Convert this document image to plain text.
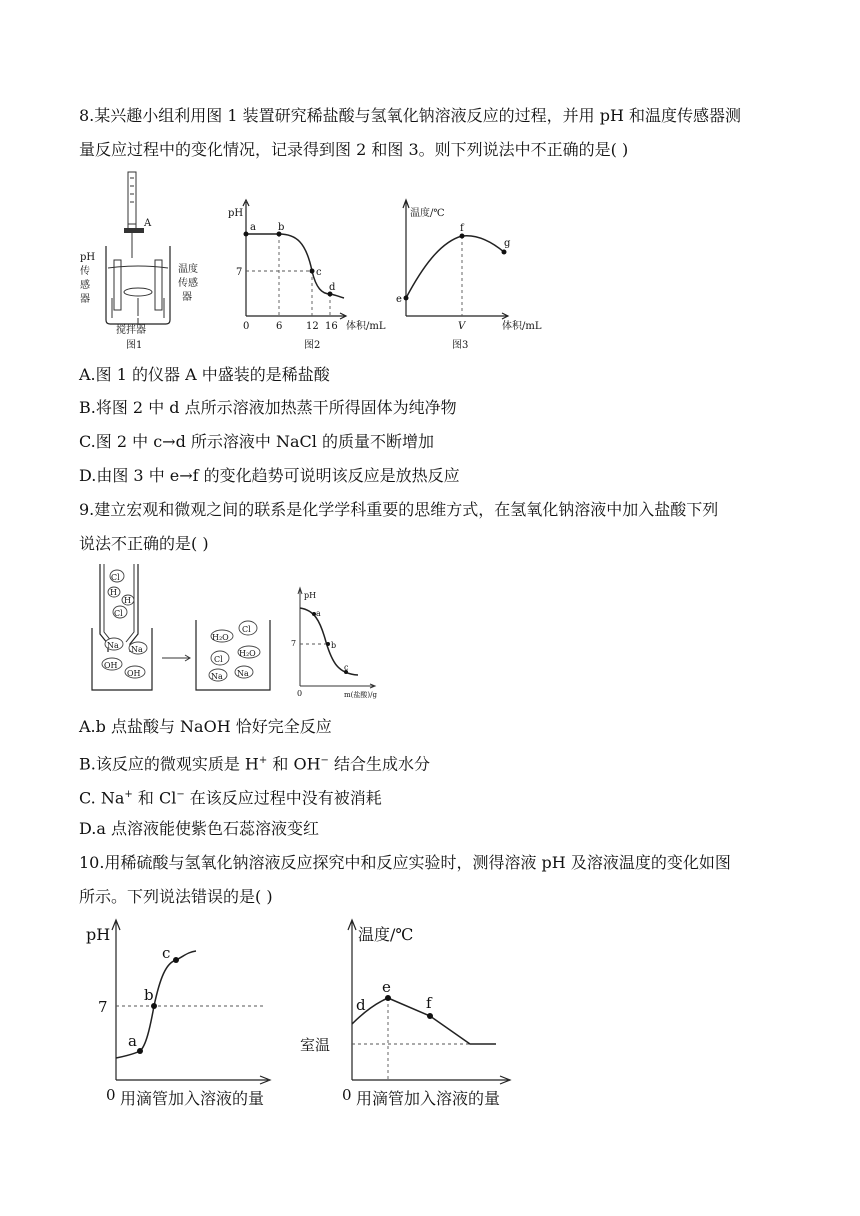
8.某兴趣小组利用图 1 装置研究稀盐酸与氢氧化钠溶液反应的过程，并用 pH 和温度传感器测
量反应过程中的变化情况，记录得到图 2 和图 3。则下列说法中不正确的是( )
A
pH
传
感
器
温度
传感
器
搅拌器
图1
pH
体积/mL
7
0	6 12 16
a b
c
d
图2
温度/℃
体积/mL
V
e
f
g
图3
A.图 1 的仪器 A 中盛装的是稀盐酸
B.将图 2 中 d 点所示溶液加热蒸干所得固体为纯净物
C.图 2 中 c→d 所示溶液中 NaCl 的质量不断增加
D.由图 3 中 e→f 的变化趋势可说明该反应是放热反应
9.建立宏观和微观之间的联系是化学学科重要的思维方式，在氢氧化钠溶液中加入盐酸下列
说法不正确的是( )
Cl
H
H
Cl
Na Na
OH
OH
H₂O
Cl
Cl
H₂O
Na Na
pH
7
0	m(盐酸)/g
a
b
c
A.b 点盐酸与 NaOH 恰好完全反应
B.该反应的微观实质是 H+ 和 OH− 结合生成水分
C. Na+ 和 Cl− 在该反应过程中没有被消耗
D.a 点溶液能使紫色石蕊溶液变红
10.用稀硫酸与氢氧化钠溶液反应探究中和反应实验时，测得溶液 pH 及溶液温度的变化如图
所示。下列说法错误的是( )
pH
7
0 用滴管加入溶液的量
a
b
c
温度/℃
室温
0 用滴管加入溶液的量
d
e
f
